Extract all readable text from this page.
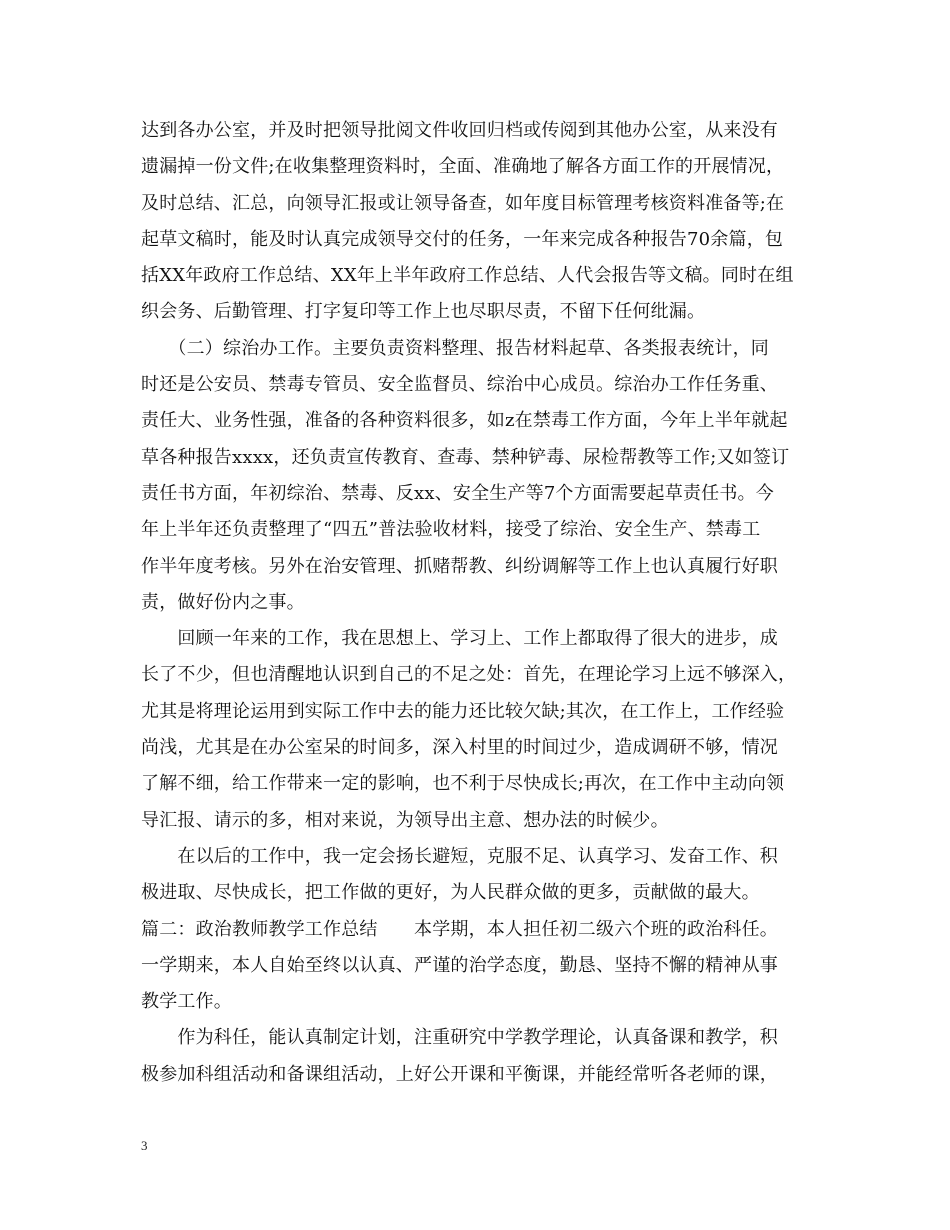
达到各办公室，并及时把领导批阅文件收回归档或传阅到其他办公室，从来没有
遗漏掉一份文件;在收集整理资料时，全面、准确地了解各方面工作的开展情况，
及时总结、汇总，向领导汇报或让领导备查，如年度目标管理考核资料准备等;在
起草文稿时，能及时认真完成领导交付的任务，一年来完成各种报告70余篇，包
括XX年政府工作总结、XX年上半年政府工作总结、人代会报告等文稿。同时在组
织会务、后勤管理、打字复印等工作上也尽职尽责，不留下任何纰漏。
　　（二）综治办工作。主要负责资料整理、报告材料起草、各类报表统计，同
时还是公安员、禁毒专管员、安全监督员、综治中心成员。综治办工作任务重、
责任大、业务性强，准备的各种资料很多，如z在禁毒工作方面，今年上半年就起
草各种报告xxxx，还负责宣传教育、查毒、禁种铲毒、尿检帮教等工作;又如签订
责任书方面，年初综治、禁毒、反xx、安全生产等7个方面需要起草责任书。今
年上半年还负责整理了“四五”普法验收材料，接受了综治、安全生产、禁毒工
作半年度考核。另外在治安管理、抓赌帮教、纠纷调解等工作上也认真履行好职
责，做好份内之事。
　　回顾一年来的工作，我在思想上、学习上、工作上都取得了很大的进步，成
长了不少，但也清醒地认识到自己的不足之处：首先，在理论学习上远不够深入，
尤其是将理论运用到实际工作中去的能力还比较欠缺;其次，在工作上，工作经验
尚浅，尤其是在办公室呆的时间多，深入村里的时间过少，造成调研不够，情况
了解不细，给工作带来一定的影响，也不利于尽快成长;再次，在工作中主动向领
导汇报、请示的多，相对来说，为领导出主意、想办法的时候少。
　　在以后的工作中，我一定会扬长避短，克服不足、认真学习、发奋工作、积
极进取、尽快成长，把工作做的更好，为人民群众做的更多，贡献做的最大。
篇二：政治教师教学工作总结　　本学期，本人担任初二级六个班的政治科任。
一学期来，本人自始至终以认真、严谨的治学态度，勤恳、坚持不懈的精神从事
教学工作。
　　作为科任，能认真制定计划，注重研究中学教学理论，认真备课和教学，积
极参加科组活动和备课组活动，上好公开课和平衡课，并能经常听各老师的课，
3
